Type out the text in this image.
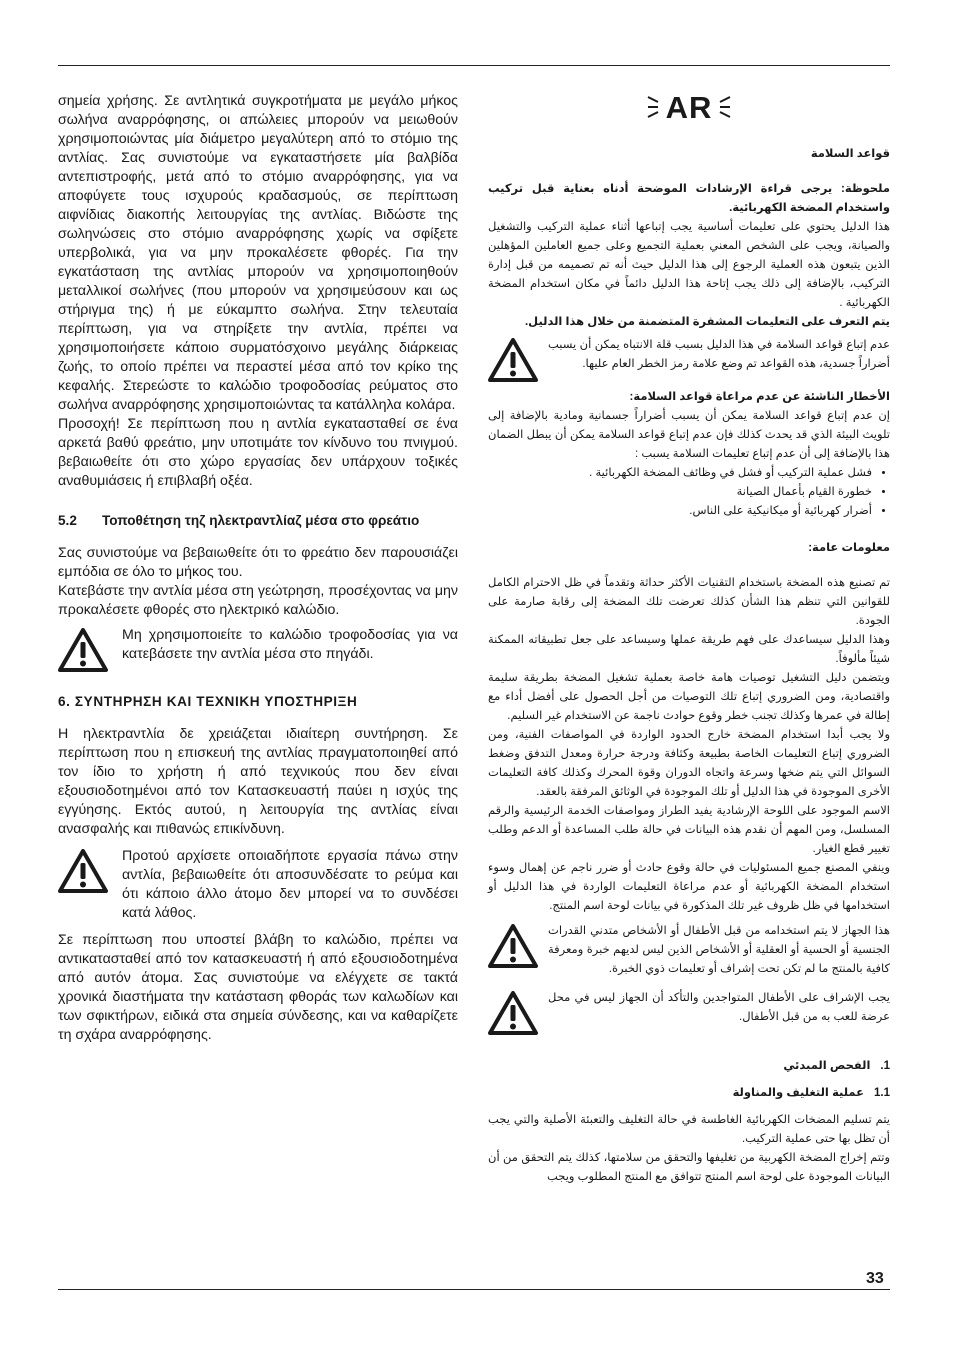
σημεία χρήσης. Σε αντλητικά συγκροτήματα με μεγάλο μήκος σωλήνα αναρρόφησης, οι απώλειες μπορούν να μειωθούν χρησιμοποιώντας μία διάμετρο μεγαλύτερη από το στόμιο της αντλίας. Σας συνιστούμε να εγκαταστήσετε μία βαλβίδα αντεπιστροφής, μετά από το στόμιο αναρρόφησης, για να αποφύγετε τους ισχυρούς κραδασμούς, σε περίπτωση αιφνίδιας διακοπής λειτουργίας της αντλίας. Βιδώστε της σωληνώσεις στο στόμιο αναρρόφησης χωρίς να σφίξετε υπερβολικά, για να μην προκαλέσετε φθορές. Για την εγκατάσταση της αντλίας μπορούν να χρησιμοποιηθούν μεταλλικοί σωλήνες (που μπορούν να χρησιμεύσουν και ως στήριγμα της) ή με εύκαμπτο σωλήνα. Στην τελευταία περίπτωση, για να στηρίξετε την αντλία, πρέπει να χρησιμοποιήσετε κάποιο συρματόσχοινο μεγάλης διάρκειας ζωής, το οποίο πρέπει να περαστεί μέσα από τον κρίκο της κεφαλής. Στερεώστε το καλώδιο τροφοδοσίας ρεύματος στο σωλήνα αναρρόφησης χρησιμοποιώντας τα κατάλληλα κολάρα.

Προσοχή! Σε περίπτωση που η αντλία εγκατασταθεί σε ένα αρκετά βαθύ φρεάτιο, μην υποτιμάτε τον κίνδυνο του πνιγμού. βεβαιωθείτε ότι στο χώρο εργασίας δεν υπάρχουν τοξικές αναθυμιάσεις ή επιβλαβή οξέα.

5.2	Τοποθέτηση τηζ ηλεκτραντλίαζ μέσα στο φρεάτιο

Σας συνιστούμε να βεβαιωθείτε ότι το φρεάτιο δεν παρουσιάζει εμπόδια σε όλο το μήκος του.

Κατεβάστε την αντλία μέσα στη γεώτρηση, προσέχοντας να μην προκαλέσετε φθορές στο ηλεκτρικό καλώδιο.

Μη χρησιμοποιείτε το καλώδιο τροφοδοσίας για να κατεβάσετε την αντλία μέσα στο πηγάδι.

6. ΣΥΝΤΗΡΗΣΗ ΚΑΙ ΤΕΧΝΙΚΗ ΥΠΟΣΤΗΡΙΞΗ

Η ηλεκτραντλία δε χρειάζεται ιδιαίτερη συντήρηση. Σε περίπτωση που η επισκευή της αντλίας πραγματοποιηθεί από τον ίδιο το χρήστη ή από τεχνικούς που δεν είναι εξουσιοδοτημένοι από τον Κατασκευαστή παύει η ισχύς της εγγύησης. Εκτός αυτού, η λειτουργία της αντλίας είναι ανασφαλής και πιθανώς επικίνδυνη.

Προτού αρχίσετε οποιαδήποτε εργασία πάνω στην αντλία, βεβαιωθείτε ότι αποσυνδέσατε το ρεύμα και ότι κάποιο άλλο άτομο δεν μπορεί να το συνδέσει κατά λάθος.

Σε περίπτωση που υποστεί βλάβη το καλώδιο, πρέπει να αντικατασταθεί από τον κατασκευαστή ή από εξουσιοδοτημένα από αυτόν άτομα. Σας συνιστούμε να ελέγχετε σε τακτά χρονικά διαστήματα την κατάσταση φθοράς των καλωδίων και των σφικτήρων, ειδικά στα σημεία σύνδεσης, και να καθαρίζετε τη σχάρα αναρρόφησης.

AR
قواعد السلامة

ملحوظة: يرجى قراءة الإرشادات الموضحة أدناه بعناية قبل تركيب واستخدام المضخة الكهربائية.

هذا الدليل يحتوي على تعليمات أساسية يجب إتباعها أثناء عملية التركيب والتشغيل والصيانة، ويجب على الشخص المعني بعملية التجميع وعلى جميع العاملين المؤهلين الذين يتبعون هذه العملية الرجوع إلى هذا الدليل حيث أنه تم تصميمه من قبل إدارة التركيب، بالإضافة إلى ذلك يجب إتاحة هذا الدليل دائماً في مكان استخدام المضخة الكهربائية .

يتم التعرف على التعليمات المشفرة المتضمنة من خلال هذا الدليل.

عدم إتباع قواعد السلامة في هذا الدليل بسبب قلة الانتباه يمكن أن يسبب أضراراً جسدية، هذه القواعد تم وضع علامة رمز الخطر العام عليها.

الأخطار الناشئة عن عدم مراعاة قواعد السلامة:

إن عدم إتباع قواعد السلامة يمكن أن يسبب أضراراً جسمانية ومادية بالإضافة إلى تلويث البيئة الذي قد يحدث كذلك فإن عدم إتباع قواعد السلامة يمكن أن يبطل الضمان هذا بالإضافة إلى أن عدم إتباع تعليمات السلامة يسبب :

• فشل عملية التركيب أو فشل في وظائف المضخة الكهربائية .
• خطورة القيام بأعمال الصيانة
• أضرار كهربائية أو ميكانيكية على الناس.
معلومات عامة:

تم تصنيع هذه المضخة باستخدام التقنيات الأكثر حداثة وتقدماً في ظل الاحترام الكامل للقوانين التي تنظم هذا الشأن كذلك تعرضت تلك المضخة إلى رقابة صارمة على الجودة.

وهذا الدليل سيساعدك على فهم طريقة عملها وسيساعد على جعل تطبيقاته الممكنة شيئاً مألوفاً.

ويتضمن دليل التشغيل توصيات هامة خاصة بعملية تشغيل المضخة بطريقة سليمة واقتصادية، ومن الضروري إتباع تلك التوصيات من أجل الحصول على أفضل أداء مع إطالة في عمرها وكذلك تجنب خطر وقوع حوادث ناجمة عن الاستخدام غير السليم.

ولا يجب أبدا استخدام المضخة خارج الحدود الواردة في المواصفات الفنية، ومن الضروري إتباع التعليمات الخاصة بطبيعة وكثافة ودرجة حرارة ومعدل التدفق وضغط السوائل التي يتم ضخها وسرعة واتجاه الدوران وقوة المحرك وكذلك كافة التعليمات الأخرى الموجودة في هذا الدليل أو تلك الموجودة في الوثائق المرفقة بالعقد.

الاسم الموجود على اللوحة الإرشادية يفيد الطراز ومواصفات الخدمة الرئيسية والرقم المسلسل، ومن المهم أن نقدم هذه البيانات في حالة طلب المساعدة أو الدعم وطلب تغيير قطع الغيار.

وينفي المصنع جميع المسئوليات في حالة وقوع حادث أو ضرر ناجم عن إهمال وسوء استخدام المضخة الكهربائية أو عدم مراعاة التعليمات الواردة في هذا الدليل أو استخدامها في ظل ظروف غير تلك المذكورة في بيانات لوحة اسم المنتج.

هذا الجهاز لا يتم استخدامه من قبل الأطفال أو الأشخاص متدني القدرات الجنسية أو الحسية أو العقلية أو الأشخاص الذين ليس لديهم خبرة ومعرفة كافية بالمنتج ما لم تكن تحت إشراف أو تعليمات ذوي الخبرة.

يجب الإشراف على الأطفال المتواجدين والتأكد أن الجهاز ليس في محل عرضة للعب به من قبل الأطفال.

1.
الفحص المبدئي
1.1
عملية التغليف والمناولة

يتم تسليم المضخات الكهربائية الغاطسة في حالة التغليف والتعبئة الأصلية والتي يجب أن تظل بها حتى عملية التركيب.

وتتم إخراج المضخة الكهربية من تغليفها والتحقق من سلامتها، كذلك يتم التحقق من أن البيانات الموجودة على لوحة اسم المنتج تتوافق مع المنتج المطلوب ويجب

33
